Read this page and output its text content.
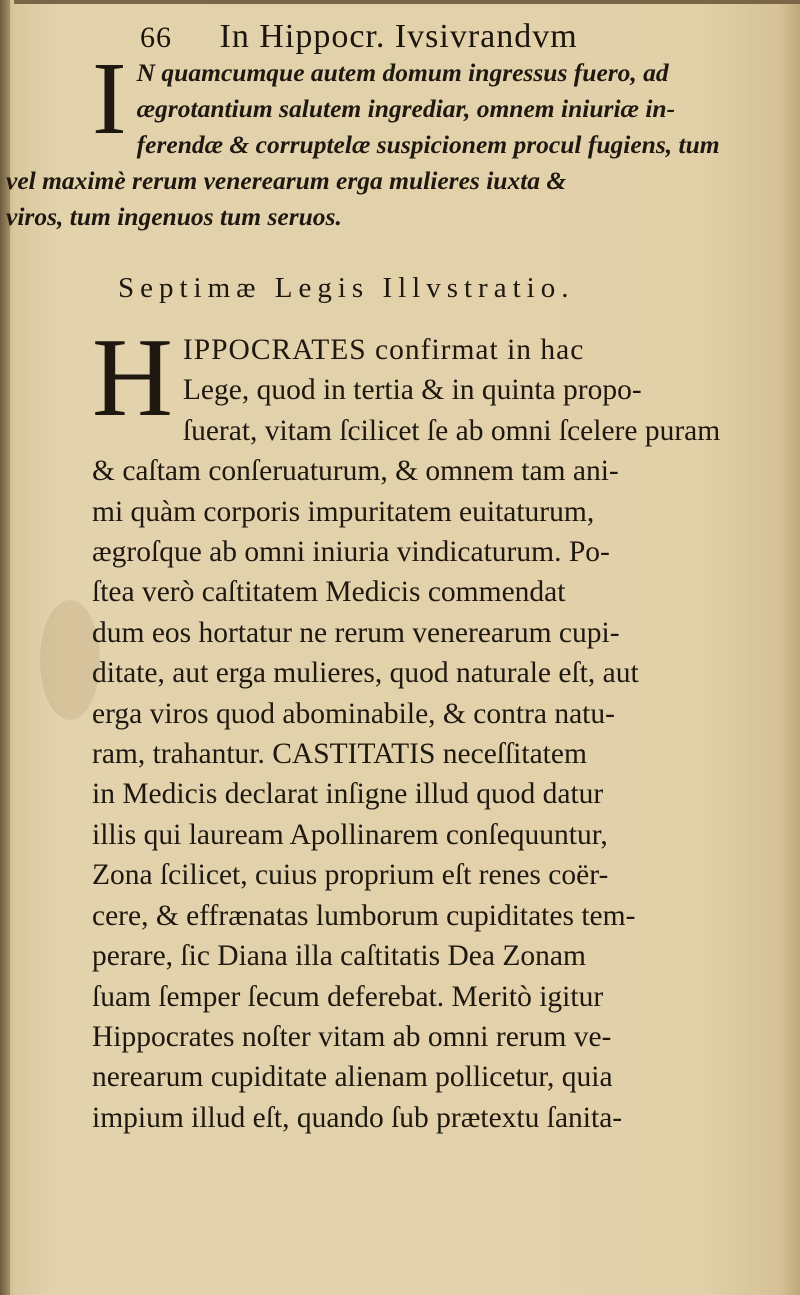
66 In Hippocr. Ivsivrandvm
I N quamcumque autem domum ingressus fuero, ad
ægrotantium salutem ingrediar, omnem iniuriæ in-
ferendæ & corruptelæ suspicionem procul fugiens, tum
vel maximè rerum venerearum erga mulieres iuxta &
viros, tum ingenuos tum seruos.
Septimæ Legis Illvstratio.
H IPPOCRATES confirmat in hac
Lege, quod in tertia & in quinta propo-
ſuerat, vitam ſcilicet ſe ab omni ſcelere puram
& caſtam conſeruaturum, & omnem tam ani-
mi quàm corporis impuritatem euitaturum,
ægroſque ab omni iniuria vindicaturum. Po-
ſtea verò caſtitatem Medicis commendat
dum eos hortatur ne rerum venerearum cupi-
ditate, aut erga mulieres, quod naturale eſt, aut
erga viros quod abominabile, & contra natu-
ram, trahantur. CASTITATIS neceſſitatem
in Medicis declarat inſigne illud quod datur
illis qui lauream Apollinarem conſequuntur,
Zona ſcilicet, cuius proprium eſt renes coër-
cere, & effrænatas lumborum cupiditates tem-
perare, ſic Diana illa caſtitatis Dea Zonam
ſuam ſemper ſecum deferebat. Meritò igitur
Hippocrates noſter vitam ab omni rerum ve-
nerearum cupiditate alienam pollicetur, quia
impium illud eſt, quando ſub prætextu ſanita-
